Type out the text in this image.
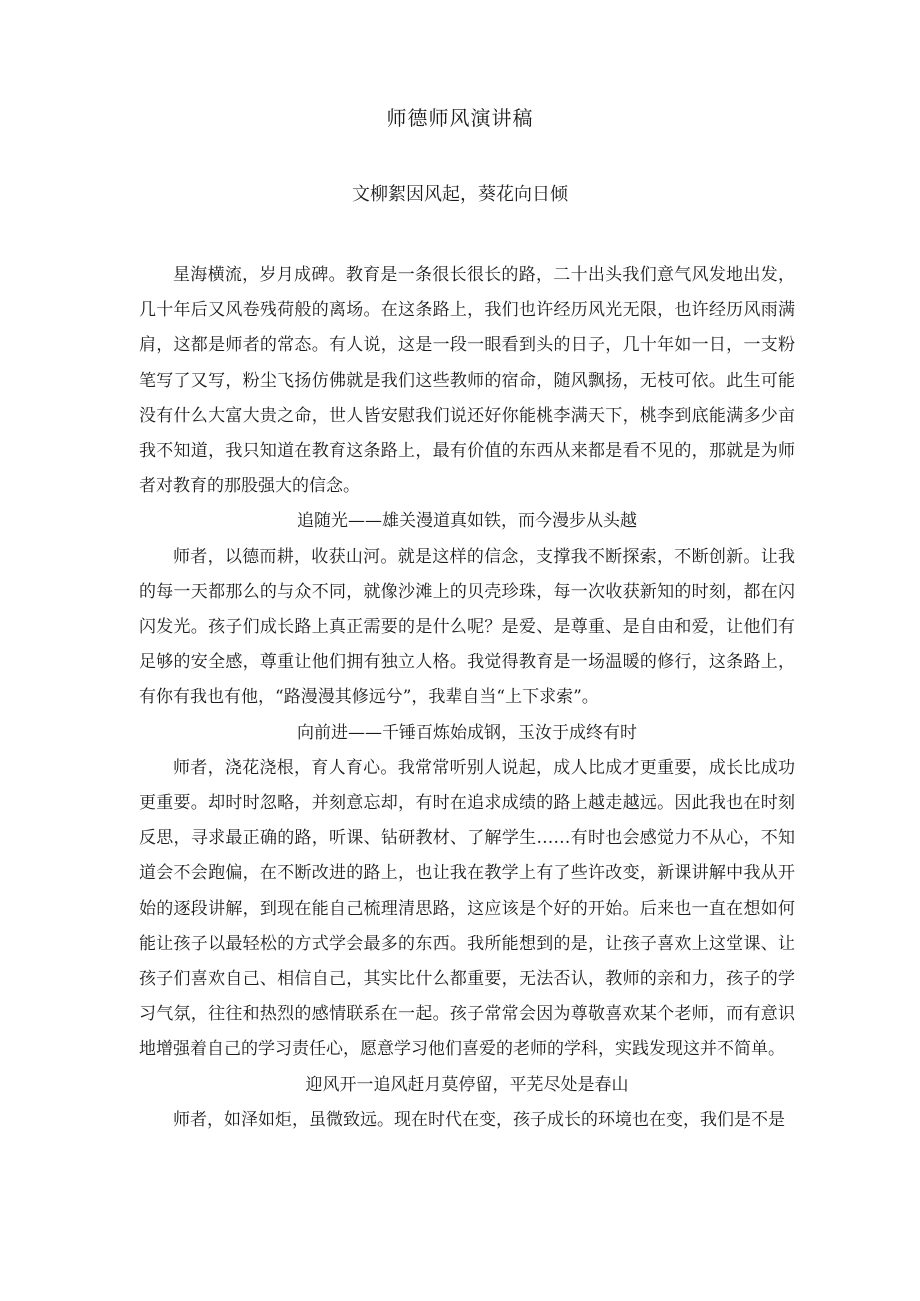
师德师风演讲稿
文柳絮因风起，葵花向日倾

星海横流，岁月成碑。教育是一条很长很长的路，二十出头我们意气风发地出发，几十年后又风卷残荷般的离场。在这条路上，我们也许经历风光无限，也许经历风雨满肩，这都是师者的常态。有人说，这是一段一眼看到头的日子，几十年如一日，一支粉笔写了又写，粉尘飞扬仿佛就是我们这些教师的宿命，随风飘扬，无枝可依。此生可能没有什么大富大贵之命，世人皆安慰我们说还好你能桃李满天下，桃李到底能满多少亩我不知道，我只知道在教育这条路上，最有价值的东西从来都是看不见的，那就是为师者对教育的那股强大的信念。

追随光——雄关漫道真如铁，而今漫步从头越

师者，以德而耕，收获山河。就是这样的信念，支撑我不断探索，不断创新。让我的每一天都那么的与众不同，就像沙滩上的贝壳珍珠，每一次收获新知的时刻，都在闪闪发光。孩子们成长路上真正需要的是什么呢？是爱、是尊重、是自由和爱，让他们有足够的安全感，尊重让他们拥有独立人格。我觉得教育是一场温暖的修行，这条路上，有你有我也有他，“路漫漫其修远兮”，我辈自当“上下求索”。

向前进——千锤百炼始成钢，玉汝于成终有时

师者，浇花浇根，育人育心。我常常听别人说起，成人比成才更重要，成长比成功更重要。却时时忽略，并刻意忘却，有时在追求成绩的路上越走越远。因此我也在时刻反思，寻求最正确的路，听课、钻研教材、了解学生……有时也会感觉力不从心，不知道会不会跑偏，在不断改进的路上，也让我在教学上有了些许改变，新课讲解中我从开始的逐段讲解，到现在能自己梳理清思路，这应该是个好的开始。后来也一直在想如何能让孩子以最轻松的方式学会最多的东西。我所能想到的是，让孩子喜欢上这堂课、让孩子们喜欢自己、相信自己，其实比什么都重要，无法否认，教师的亲和力，孩子的学习气氛，往往和热烈的感情联系在一起。孩子常常会因为尊敬喜欢某个老师，而有意识地增强着自己的学习责任心，愿意学习他们喜爱的老师的学科，实践发现这并不简单。

迎风开一追风赶月莫停留，平芜尽处是春山

师者，如泽如炬，虽微致远。现在时代在变，孩子成长的环境也在变，我们是不是
